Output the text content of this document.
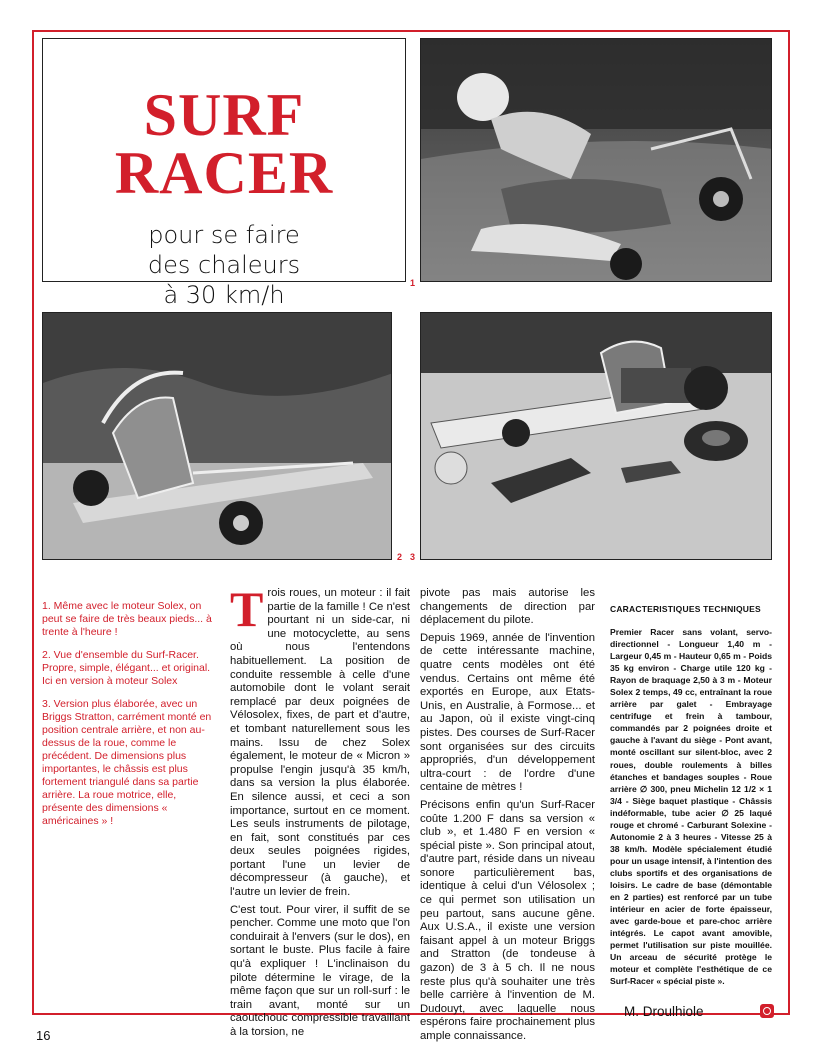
SURF
RACER
pour se faire
des chaleurs
à 30 km/h	1
2 3

1. Même avec le moteur Solex, on peut se faire de très beaux pieds... à trente à l'heure !

2. Vue d'ensemble du Surf-Racer. Propre, simple, élégant... et original. Ici en version à moteur Solex

3. Version plus élaborée, avec un Briggs Stratton, carrément monté en position centrale arrière, et non au-dessus de la roue, comme le précédent. De dimensions plus importantes, le châssis est plus fortement triangulé dans sa partie arrière. La roue motrice, elle, présente des dimensions « américaines » !

Trois roues, un moteur : il fait partie de la famille ! Ce n'est pourtant ni un side-car, ni une motocyclette, au sens où nous l'entendons habituellement. La position de conduite ressemble à celle d'une automobile dont le volant serait remplacé par deux poignées de Vélosolex, fixes, de part et d'autre, et tombant naturellement sous les mains. Issu de chez Solex également, le moteur de « Micron » propulse l'engin jusqu'à 35 km/h, dans sa version la plus élaborée. En silence aussi, et ceci a son importance, surtout en ce moment. Les seuls instruments de pilotage, en fait, sont constitués par ces deux seules poignées rigides, portant l'une un levier de décompresseur (à gauche), et l'autre un levier de frein.

C'est tout. Pour virer, il suffit de se pencher. Comme une moto que l'on conduirait à l'envers (sur le dos), en sortant le buste. Plus facile à faire qu'à expliquer ! L'inclinaison du pilote détermine le virage, de la même façon que sur un roll-surf : le train avant, monté sur un caoutchouc compressible travaillant à la torsion, ne

pivote pas mais autorise les changements de direction par déplacement du pilote.

Depuis 1969, année de l'invention de cette intéressante machine, quatre cents modèles ont été vendus. Certains ont même été exportés en Europe, aux Etats-Unis, en Australie, à Formose... et au Japon, où il existe vingt-cinq pistes. Des courses de Surf-Racer sont organisées sur des circuits appropriés, d'un développement ultra-court : de l'ordre d'une centaine de mètres !

Précisons enfin qu'un Surf-Racer coûte 1.200 F dans sa version « club », et 1.480 F en version « spécial piste ». Son principal atout, d'autre part, réside dans un niveau sonore particulièrement bas, identique à celui d'un Vélosolex ; ce qui permet son utilisation un peu partout, sans aucune gêne. Aux U.S.A., il existe une version faisant appel à un moteur Briggs and Stratton (de tondeuse à gazon) de 3 à 5 ch. Il ne nous reste plus qu'à souhaiter une très belle carrière à l'invention de M. Dudouyt, avec laquelle nous espérons faire prochainement plus ample connaissance.

CARACTERISTIQUES TECHNIQUES
Premier Racer sans volant, servo-directionnel - Longueur 1,40 m - Largeur 0,45 m - Hauteur 0,65 m - Poids 35 kg environ - Charge utile 120 kg - Rayon de braquage 2,50 à 3 m - Moteur Solex 2 temps, 49 cc, entraînant la roue arrière par galet - Embrayage centrifuge et frein à tambour, commandés par 2 poignées droite et gauche à l'avant du siège - Pont avant, monté oscillant sur silent-bloc, avec 2 roues, double roulements à billes étanches et bandages souples - Roue arrière ∅ 300, pneu Michelin 12 1/2 × 1 3/4 - Siège baquet plastique - Châssis indéformable, tube acier ∅ 25 laqué rouge et chromé - Carburant Solexine - Autonomie 2 à 3 heures - Vitesse 25 à 38 km/h. Modèle spécialement étudié pour un usage intensif, à l'intention des clubs sportifs et des organisations de loisirs. Le cadre de base (démontable en 2 parties) est renforcé par un tube intérieur en acier de forte épaisseur, avec garde-boue et pare-choc arrière intégrés. Le capot avant amovible, permet l'utilisation sur piste mouillée. Un arceau de sécurité protège le moteur et complète l'esthétique de ce Surf-Racer « spécial piste ».
M. Droulhiole
16
